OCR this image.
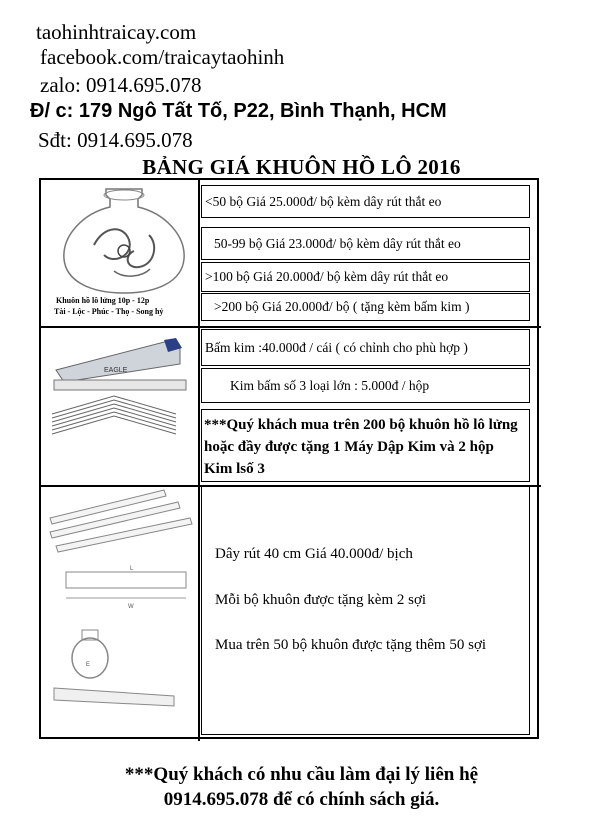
taohinhtraicay.com
facebook.com/traicaytaohinh
zalo: 0914.695.078
Đ/ c: 179 Ngô Tất Tố, P22, Bình Thạnh, HCM
Sđt: 0914.695.078
BẢNG GIÁ KHUÔN HỒ LÔ 2016
Khuôn hồ lô lửng 10p - 12p
Tài - Lộc - Phúc - Thọ - Song hỷ
<50 bộ Giá 25.000đ/ bộ kèm dây rút thắt eo
50-99 bộ Giá 23.000đ/ bộ kèm dây rút thắt eo
>100 bộ Giá 20.000đ/ bộ kèm dây rút thắt eo
>200 bộ Giá 20.000đ/ bộ ( tặng kèm bấm kim )
EAGLE
Bấm kim :40.000đ / cái ( có chỉnh cho phù hợp )
Kim bấm số 3 loại lớn : 5.000đ / hộp
***Quý khách mua trên 200 bộ khuôn hồ lô lửng hoặc đầy được tặng 1 Máy Dập Kim và 2 hộp Kim lsố 3
L
W
E
Dây rút 40 cm Giá 40.000đ/ bịch
Mỗi bộ khuôn được tặng kèm 2 sợi
Mua trên 50 bộ khuôn được tặng thêm 50 sợi
***Quý khách có nhu cầu làm đại lý liên hệ
0914.695.078 để có chính sách giá.
